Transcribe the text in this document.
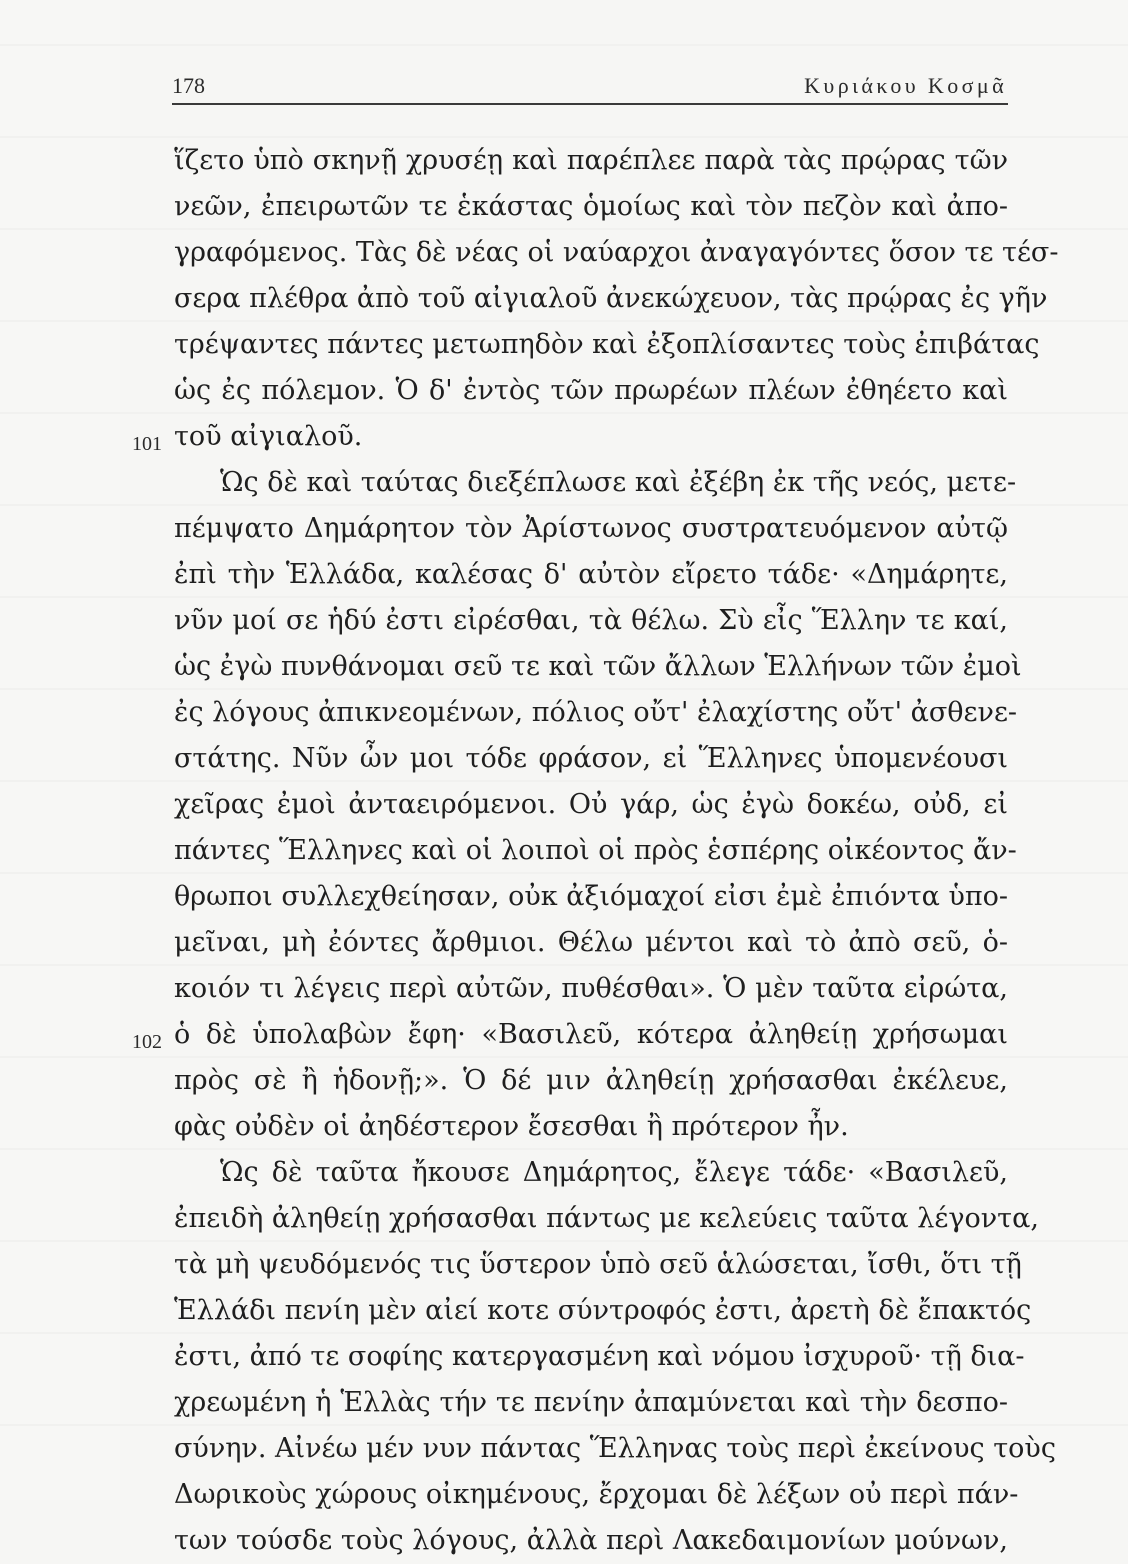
178	Κυριάκου Κοσμᾶ
101
102
ἵζετο ὑπὸ σκηνῇ χρυσέῃ καὶ παρέπλεε παρὰ τὰς πρῴρας τῶν
νεῶν, ἐπειρωτῶν τε ἑκάστας ὁμοίως καὶ τὸν πεζὸν καὶ ἀπο-
γραφόμενος. Τὰς δὲ νέας οἱ ναύαρχοι ἀναγαγόντες ὅσον τε τέσ-
σερα πλέθρα ἀπὸ τοῦ αἰγιαλοῦ ἀνεκώχευον, τὰς πρῴρας ἐς γῆν
τρέψαντες πάντες μετωπηδὸν καὶ ἐξοπλίσαντες τοὺς ἐπιβάτας
ὡς ἐς πόλεμον. Ὁ δ' ἐντὸς τῶν πρωρέων πλέων ἐθηέετο καὶ
τοῦ αἰγιαλοῦ.
Ὡς δὲ καὶ ταύτας διεξέπλωσε καὶ ἐξέβη ἐκ τῆς νεός, μετε-
πέμψατο Δημάρητον τὸν Ἀρίστωνος συστρατευόμενον αὐτῷ
ἐπὶ τὴν Ἑλλάδα, καλέσας δ' αὐτὸν εἴρετο τάδε· «Δημάρητε,
νῦν μοί σε ἡδύ ἐστι εἰρέσθαι, τὰ θέλω. Σὺ εἶς Ἕλλην τε καί,
ὡς ἐγὼ πυνθάνομαι σεῦ τε καὶ τῶν ἄλλων Ἑλλήνων τῶν ἐμοὶ
ἐς λόγους ἀπικνεομένων, πόλιος οὔτ' ἐλαχίστης οὔτ' ἀσθενε-
στάτης. Νῦν ὦν μοι τόδε φράσον, εἰ Ἕλληνες ὑπομενέουσι
χεῖρας ἐμοὶ ἀνταειρόμενοι. Οὐ γάρ, ὡς ἐγὼ δοκέω, οὐδ, εἰ
πάντες Ἕλληνες καὶ οἱ λοιποὶ οἱ πρὸς ἑσπέρης οἰκέοντος ἄν-
θρωποι συλλεχθείησαν, οὐκ ἀξιόμαχοί εἰσι ἐμὲ ἐπιόντα ὑπο-
μεῖναι, μὴ ἐόντες ἄρθμιοι. Θέλω μέντοι καὶ τὸ ἀπὸ σεῦ, ὁ-
κοιόν τι λέγεις περὶ αὐτῶν, πυθέσθαι». Ὁ μὲν ταῦτα εἰρώτα,
ὁ δὲ ὑπολαβὼν ἔφη· «Βασιλεῦ, κότερα ἀληθείῃ χρήσωμαι
πρὸς σὲ ἢ ἡδονῇ;». Ὁ δέ μιν ἀληθείῃ χρήσασθαι ἐκέλευε,
φὰς οὐδὲν οἱ ἀηδέστερον ἔσεσθαι ἢ πρότερον ἦν.
Ὡς δὲ ταῦτα ἤκουσε Δημάρητος, ἔλεγε τάδε· «Βασιλεῦ,
ἐπειδὴ ἀληθείῃ χρήσασθαι πάντως με κελεύεις ταῦτα λέγοντα,
τὰ μὴ ψευδόμενός τις ὕστερον ὑπὸ σεῦ ἁλώσεται, ἴσθι, ὅτι τῇ
Ἑλλάδι πενίη μὲν αἰεί κοτε σύντροφός ἐστι, ἀρετὴ δὲ ἔπακτός
ἐστι, ἀπό τε σοφίης κατεργασμένη καὶ νόμου ἰσχυροῦ· τῇ δια-
χρεωμένη ἡ Ἑλλὰς τήν τε πενίην ἀπαμύνεται καὶ τὴν δεσπο-
σύνην. Αἰνέω μέν νυν πάντας Ἕλληνας τοὺς περὶ ἐκείνους τοὺς
Δωρικοὺς χώρους οἰκημένους, ἔρχομαι δὲ λέξων οὐ περὶ πάν-
των τούσδε τοὺς λόγους, ἀλλὰ περὶ Λακεδαιμονίων μούνων,
